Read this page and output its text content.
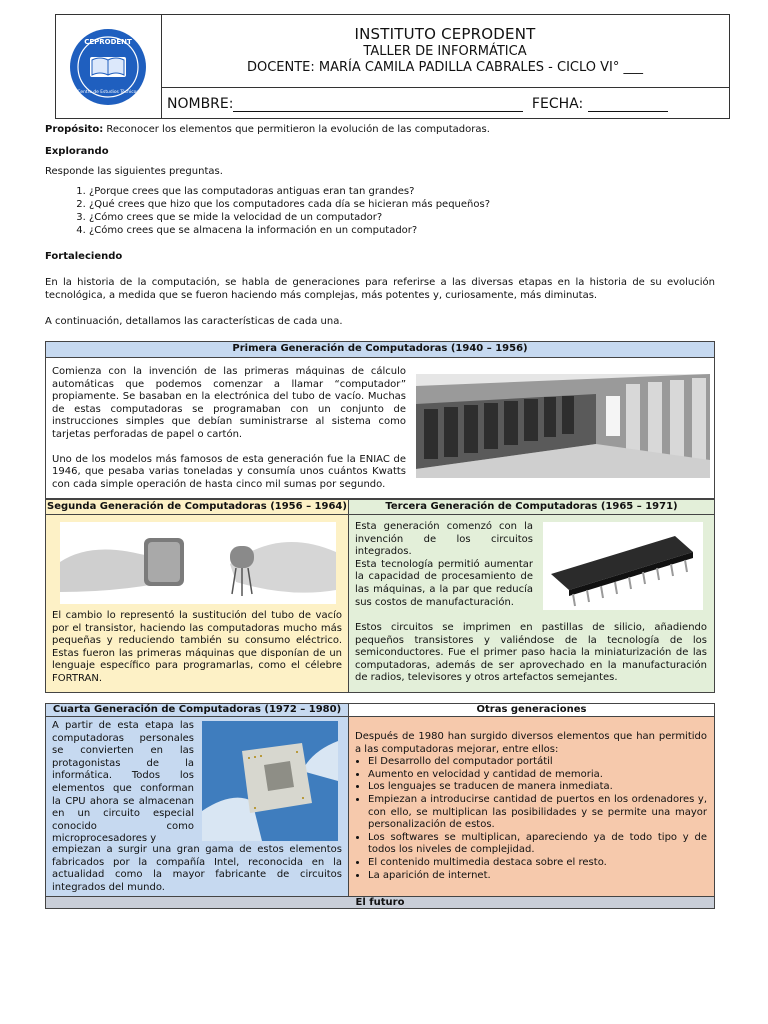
CEPRODENT
Centro de Estudios Técnicos
INSTITUTO CEPRODENT
TALLER DE INFORMÁTICA
DOCENTE: MARÍA CAMILA PADILLA CABRALES - CICLO VI° ___
NOMBRE:	FECHA:
Propósito: Reconocer los elementos que permitieron la evolución de las computadoras.
Explorando
Responde las siguientes preguntas.
1. ¿Porque crees que las computadoras antiguas eran tan grandes?
2. ¿Qué crees que hizo que los computadores cada día se hicieran más pequeños?
3. ¿Cómo crees que se mide la velocidad de un computador?
4. ¿Cómo crees que se almacena la información en un computador?
Fortaleciendo
En la historia de la computación, se habla de generaciones para referirse a las diversas etapas en la historia de su evolución tecnológica, a medida que se fueron haciendo más complejas, más potentes y, curiosamente, más diminutas.
A continuación, detallamos las características de cada una.
Primera Generación de Computadoras (1940 – 1956)
Comienza con la invención de las primeras máquinas de cálculo automáticas que podemos comenzar a llamar “computador” propiamente. Se basaban en la electrónica del tubo de vacío. Muchas de estas computadoras se programaban con un conjunto de instrucciones simples que debían suministrarse al sistema como tarjetas perforadas de papel o cartón.
Uno de los modelos más famosos de esta generación fue la ENIAC de 1946, que pesaba varias toneladas y consumía unos cuántos Kwatts con cada simple operación de hasta cinco mil sumas por segundo.
Segunda Generación de Computadoras (1956 – 1964)
El cambio lo representó la sustitución del tubo de vacío por el transistor, haciendo las computadoras mucho más pequeñas y reduciendo también su consumo eléctrico. Estas fueron las primeras máquinas que disponían de un lenguaje específico para programarlas, como el célebre FORTRAN.
Tercera Generación de Computadoras (1965 – 1971)
Esta generación comenzó con la invención de los circuitos integrados.
Esta tecnología permitió aumentar la capacidad de procesamiento de las máquinas, a la par que reducía sus costos de manufacturación.
Estos circuitos se imprimen en pastillas de silicio, añadiendo pequeños transistores y valiéndose de la tecnología de los semiconductores. Fue el primer paso hacia la miniaturización de las computadoras, además de ser aprovechado en la manufacturación de radios, televisores y otros artefactos semejantes.
Cuarta Generación de Computadoras (1972 – 1980)
A partir de esta etapa las computadoras personales se convierten en las protagonistas de la informática. Todos los elementos que conforman la CPU ahora se almacenan en un circuito especial conocido como microprocesadores y
empiezan a surgir una gran gama de estos elementos fabricados por la compañía Intel, reconocida en la actualidad como la mayor fabricante de circuitos integrados del mundo.
Otras generaciones
Después de 1980 han surgido diversos elementos que han permitido a las computadoras mejorar, entre ellos:
• El Desarrollo del computador portátil
• Aumento en velocidad y cantidad de memoria.
• Los lenguajes se traducen de manera inmediata.
• Empiezan a introducirse cantidad de puertos en los ordenadores y, con ello, se multiplican las posibilidades y se permite una mayor personalización de estos.
• Los softwares se multiplican, apareciendo ya de todo tipo y de todos los niveles de complejidad.
• El contenido multimedia destaca sobre el resto.
• La aparición de internet.
El futuro
